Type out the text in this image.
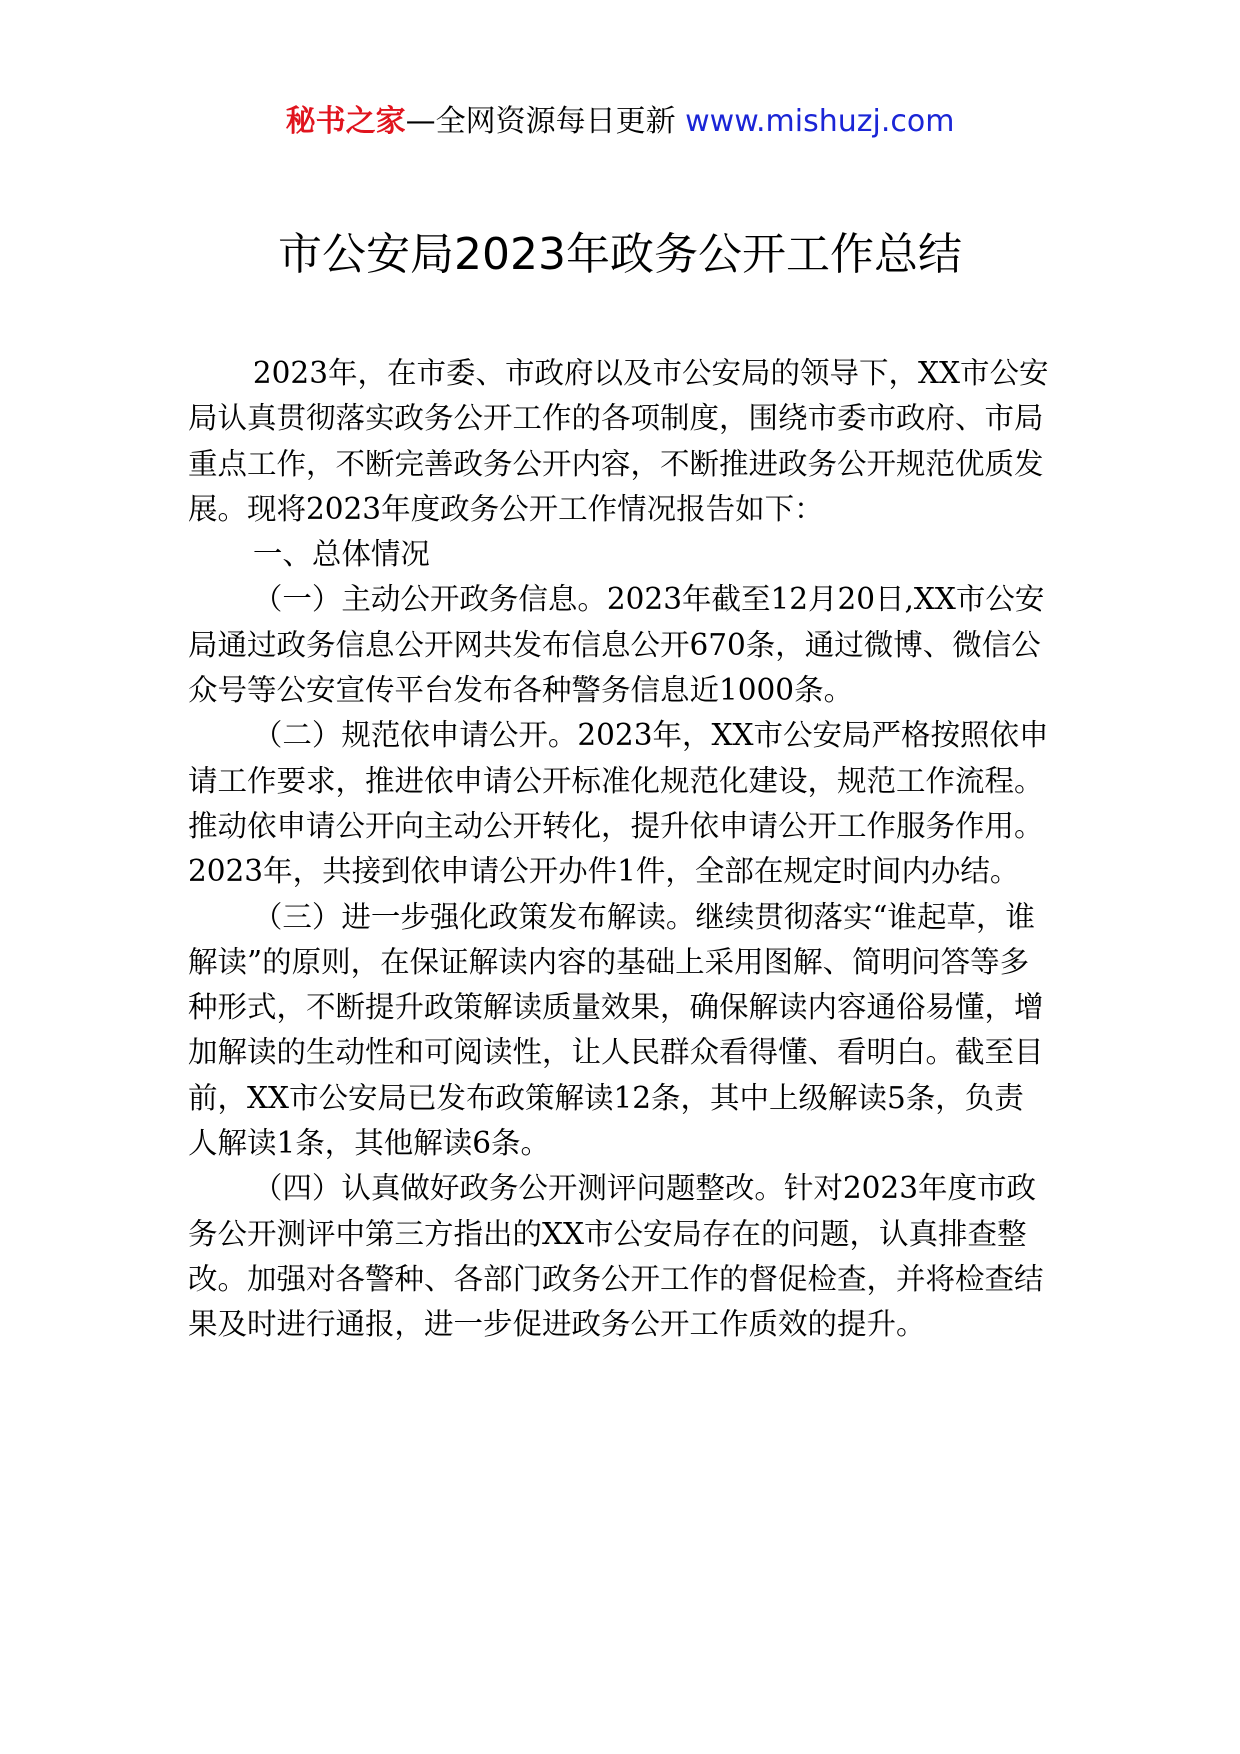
秘书之家—全网资源每日更新 www.mishuzj.com
市公安局2023年政务公开工作总结

2023年，在市委、市政府以及市公安局的领导下，XX市公安局认真贯彻落实政务公开工作的各项制度，围绕市委市政府、市局重点工作，不断完善政务公开内容，不断推进政务公开规范优质发展。现将2023年度政务公开工作情况报告如下：

一、总体情况

（一）主动公开政务信息。2023年截至12月20日,XX市公安局通过政务信息公开网共发布信息公开670条，通过微博、微信公众号等公安宣传平台发布各种警务信息近1000条。

（二）规范依申请公开。2023年，XX市公安局严格按照依申请工作要求，推进依申请公开标准化规范化建设，规范工作流程。推动依申请公开向主动公开转化，提升依申请公开工作服务作用。2023年，共接到依申请公开办件1件，全部在规定时间内办结。

（三）进一步强化政策发布解读。继续贯彻落实“谁起草，谁解读”的原则，在保证解读内容的基础上采用图解、简明问答等多种形式，不断提升政策解读质量效果，确保解读内容通俗易懂，增加解读的生动性和可阅读性，让人民群众看得懂、看明白。截至目前，XX市公安局已发布政策解读12条，其中上级解读5条，负责人解读1条，其他解读6条。

（四）认真做好政务公开测评问题整改。针对2023年度市政务公开测评中第三方指出的XX市公安局存在的问题，认真排查整改。加强对各警种、各部门政务公开工作的督促检查，并将检查结果及时进行通报，进一步促进政务公开工作质效的提升。
